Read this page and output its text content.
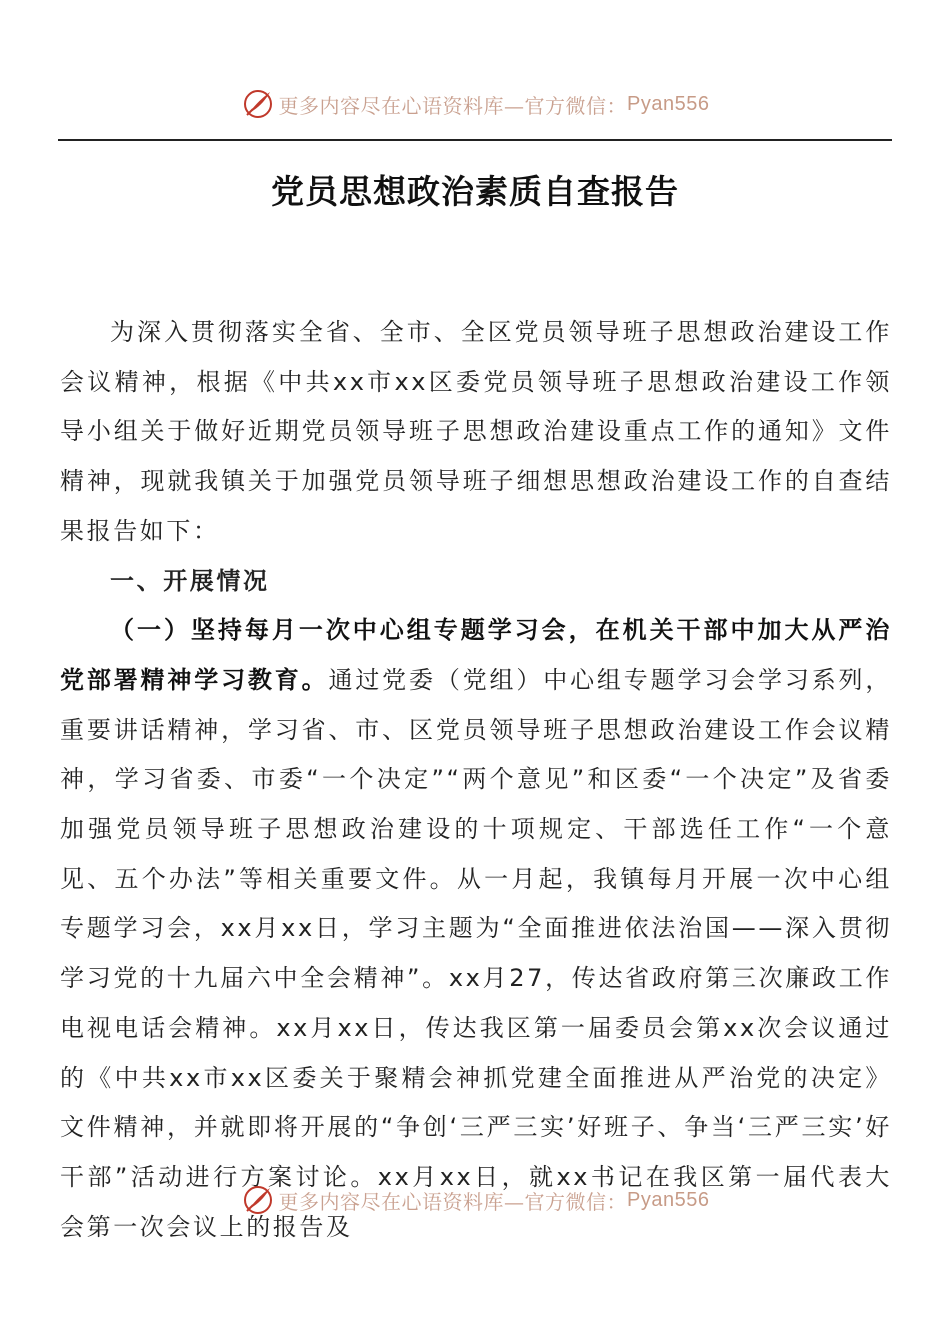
更多内容尽在心语资料库—官方微信： Pyan556
党员思想政治素质自查报告

为深入贯彻落实全省、全市、全区党员领导班子思想政治建设工作会议精神，根据《中共xx市xx区委党员领导班子思想政治建设工作领导小组关于做好近期党员领导班子思想政治建设重点工作的通知》文件精神，现就我镇关于加强党员领导班子细想思想政治建设工作的自查结果报告如下：

一、开展情况

（一）坚持每月一次中心组专题学习会，在机关干部中加大从严治党部署精神学习教育。通过党委（党组）中心组专题学习会学习系列，重要讲话精神，学习省、市、区党员领导班子思想政治建设工作会议精神，学习省委、市委“一个决定”“两个意见”和区委“一个决定”及省委加强党员领导班子思想政治建设的十项规定、干部选任工作“一个意见、五个办法”等相关重要文件。从一月起，我镇每月开展一次中心组专题学习会，xx月xx日，学习主题为“全面推进依法治国——深入贯彻学习党的十九届六中全会精神”。xx月27，传达省政府第三次廉政工作电视电话会精神。xx月xx日，传达我区第一届委员会第xx次会议通过的《中共xx市xx区委关于聚精会神抓党建全面推进从严治党的决定》文件精神，并就即将开展的“争创‘三严三实’好班子、争当‘三严三实’好干部”活动进行方案讨论。xx月xx日，就xx书记在我区第一届代表大会第一次会议上的报告及

更多内容尽在心语资料库—官方微信： Pyan556
